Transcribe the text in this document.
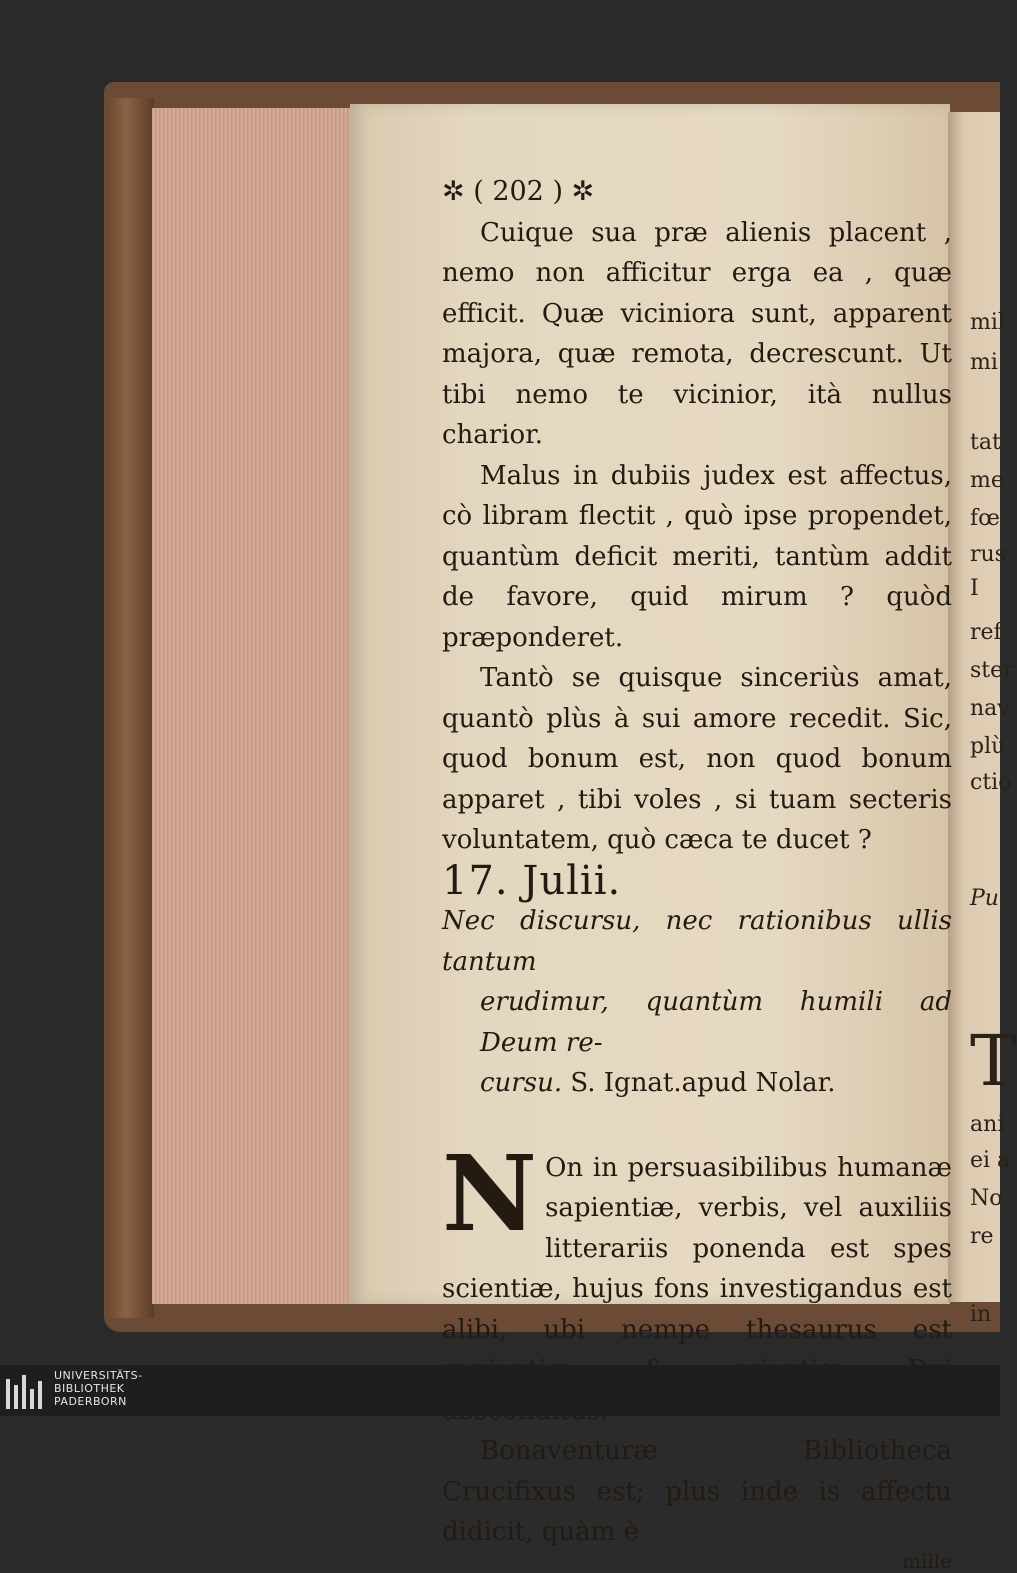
mil
mi
tat
me
fœ
rus
I
ref
ster
nav
plù
ctio
Pu
T
ani
ei a
No
re
in

✲ ( 202 ) ✲

Cuique sua præ alienis placent , nemo non afficitur erga ea , quæ efficit. Quæ viciniora sunt, apparent majora, quæ remota, decrescunt. Ut tibi nemo te vicinior, ità nullus charior.

Malus in dubiis judex est affectus, cò libram flectit , quò ipse propendet, quantùm deficit meriti, tantùm addit de favore, quid mirum ? quòd præponderet.

Tantò se quisque sinceriùs amat, quantò plùs à sui amore recedit. Sic, quod bonum est, non quod bonum apparet , tibi voles , si tuam secteris voluntatem, quò cæca te ducet ?

17. Julii.

Nec discursu, nec rationibus ullis tantum
erudimur, quantùm humili ad Deum re-
cursu. S. Ignat.apud Nolar.

N On in persuasibilibus humanæ sapientiæ, verbis, vel auxiliis litterariis ponenda est spes scientiæ, hujus fons investigandus est alibi, ubi nempe thesaurus est

Bonaventuræ Bibliotheca Crucifixus est; plus inde is affectu didicit, quàm è

mille

UNIVERSITÄTS-
BIBLIOTHEK
PADERBORN
